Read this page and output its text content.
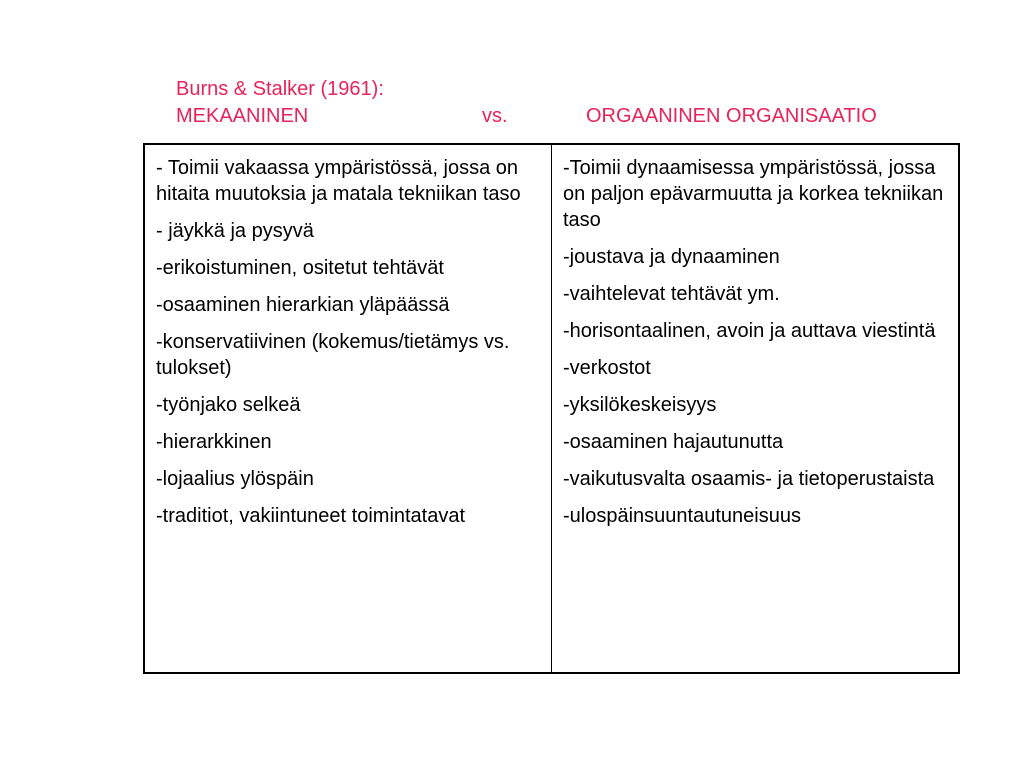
Burns & Stalker (1961):
MEKAANINEN	vs.	ORGAANINEN ORGANISAATIO
- Toimii vakaassa ympäristössä, jossa on hitaita muutoksia ja matala tekniikan taso
- jäykkä ja pysyvä
-erikoistuminen, ositetut tehtävät
-osaaminen hierarkian yläpäässä
-konservatiivinen (kokemus/tietämys vs. tulokset)
-työnjako selkeä
-hierarkkinen
-lojaalius ylöspäin
-traditiot, vakiintuneet toimintatavat
-Toimii dynaamisessa ympäristössä, jossa on paljon epävarmuutta ja korkea tekniikan taso
-joustava ja dynaaminen
-vaihtelevat tehtävät ym.
-horisontaalinen, avoin ja auttava viestintä
-verkostot
-yksilökeskeisyys
-osaaminen hajautunutta
-vaikutusvalta osaamis- ja tietoperustaista
-ulospäinsuuntautuneisuus
